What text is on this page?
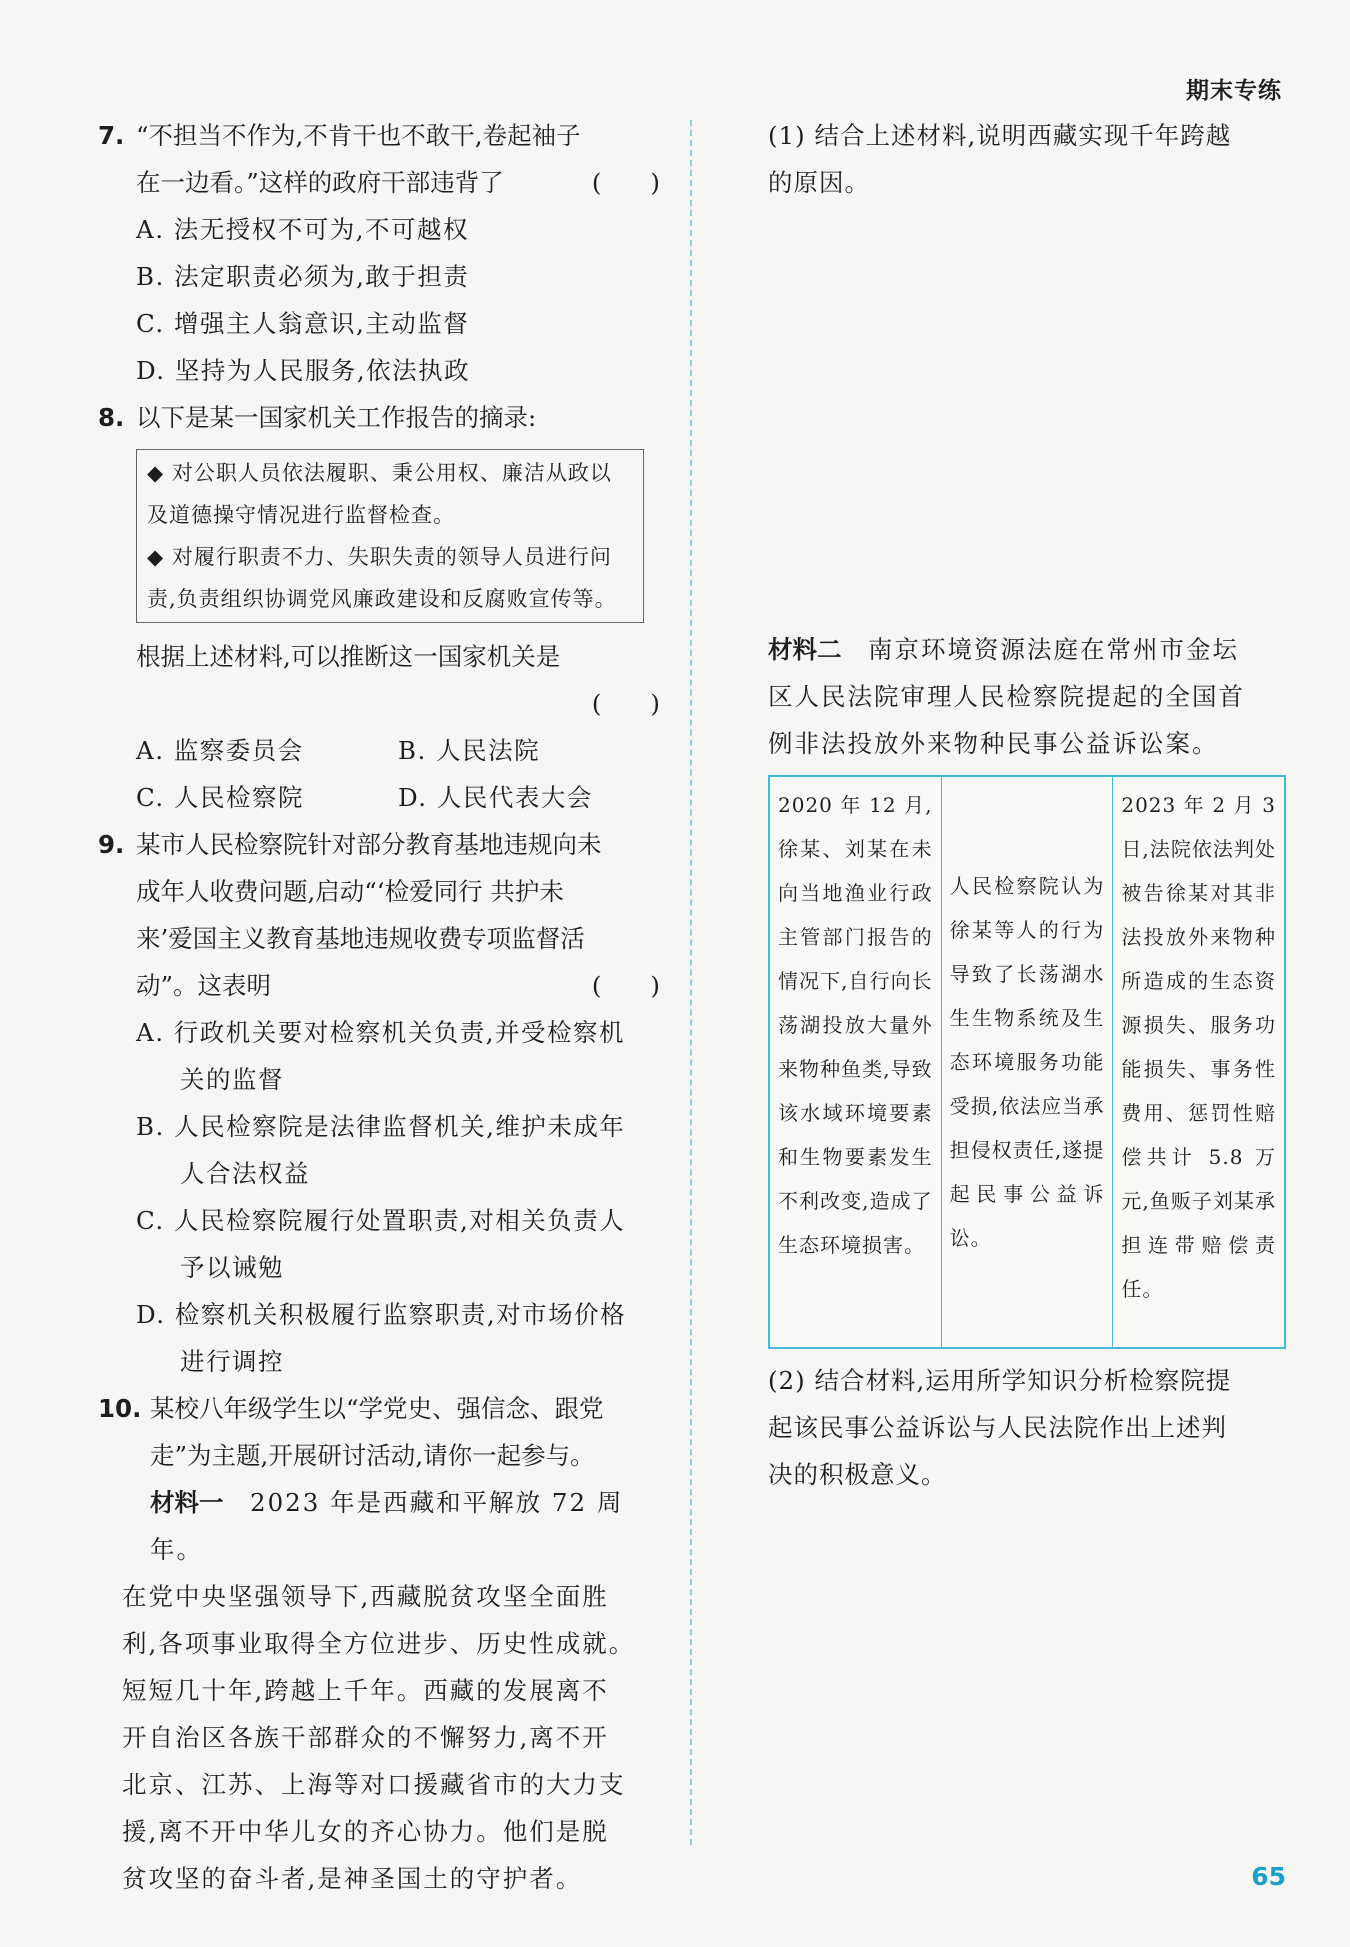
期末专练
7. “不担当不作为,不肯干也不敢干,卷起袖子
在一边看。”这样的政府干部违背了	(　　)
A. 法无授权不可为,不可越权
B. 法定职责必须为,敢于担责
C. 增强主人翁意识,主动监督
D. 坚持为人民服务,依法执政
8. 以下是某一国家机关工作报告的摘录:
◆ 对公职人员依法履职、秉公用权、廉洁从政以
及道德操守情况进行监督检查。
◆ 对履行职责不力、失职失责的领导人员进行问
责,负责组织协调党风廉政建设和反腐败宣传等。
根据上述材料,可以推断这一国家机关是
(　　)
A. 监察委员会	B. 人民法院
C. 人民检察院	D. 人民代表大会
9. 某市人民检察院针对部分教育基地违规向未
成年人收费问题,启动“‘检爱同行 共护未
来’爱国主义教育基地违规收费专项监督活
动”。这表明	(　　)
A. 行政机关要对检察机关负责,并受检察机
关的监督
B. 人民检察院是法律监督机关,维护未成年
人合法权益
C. 人民检察院履行处置职责,对相关负责人
予以诫勉
D. 检察机关积极履行监察职责,对市场价格
进行调控
10. 某校八年级学生以“学党史、强信念、跟党
走”为主题,开展研讨活动,请你一起参与。
材料一　2023 年是西藏和平解放 72 周年。
在党中央坚强领导下,西藏脱贫攻坚全面胜
利,各项事业取得全方位进步、历史性成就。
短短几十年,跨越上千年。西藏的发展离不
开自治区各族干部群众的不懈努力,离不开
北京、江苏、上海等对口援藏省市的大力支
援,离不开中华儿女的齐心协力。他们是脱
贫攻坚的奋斗者,是神圣国土的守护者。
(1) 结合上述材料,说明西藏实现千年跨越
的原因。
材料二　南京环境资源法庭在常州市金坛
区人民法院审理人民检察院提起的全国首
例非法投放外来物种民事公益诉讼案。
2020 年 12 月,徐某、刘某在未向当地渔业行政主管部门报告的情况下,自行向长荡湖投放大量外来物种鱼类,导致该水域环境要素和生物要素发生不利改变,造成了生态环境损害。
人民检察院认为徐某等人的行为导致了长荡湖水生生物系统及生态环境服务功能受损,依法应当承担侵权责任,遂提起民事公益诉讼。
2023 年 2 月 3 日,法院依法判处被告徐某对其非法投放外来物种所造成的生态资源损失、服务功能损失、事务性费用、惩罚性赔偿共计 5.8 万元,鱼贩子刘某承担连带赔偿责任。
(2) 结合材料,运用所学知识分析检察院提
起该民事公益诉讼与人民法院作出上述判
决的积极意义。
65
